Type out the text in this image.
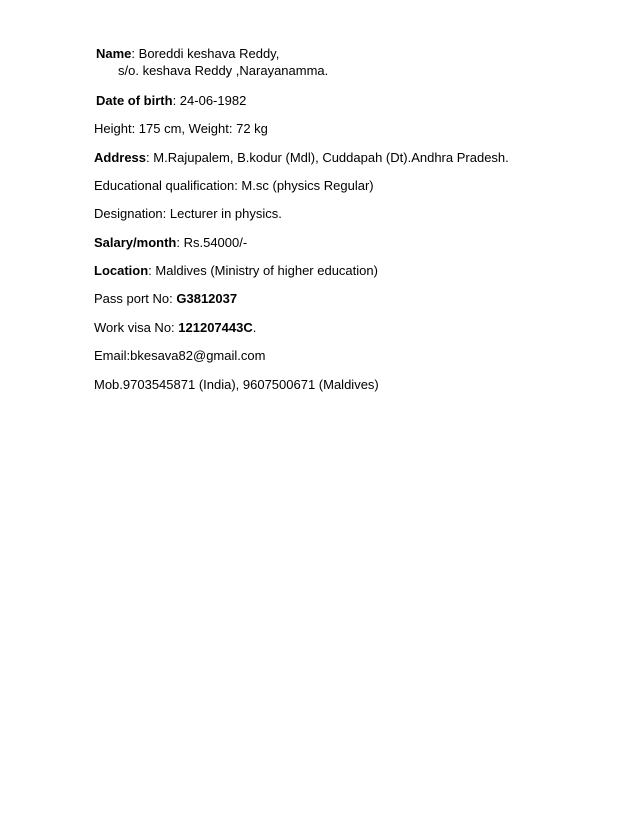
Name: Boreddi keshava Reddy,
s/o. keshava Reddy ,Narayanamma.
Date of birth: 24-06-1982
Height: 175 cm, Weight: 72 kg
Address: M.Rajupalem, B.kodur (Mdl), Cuddapah (Dt).Andhra Pradesh.
Educational qualification: M.sc (physics Regular)
Designation: Lecturer in physics.
Salary/month: Rs.54000/-
Location: Maldives (Ministry of higher education)
Pass port No: G3812037
Work visa No: 121207443C.
Email:bkesava82@gmail.com
Mob.9703545871 (India), 9607500671 (Maldives)
